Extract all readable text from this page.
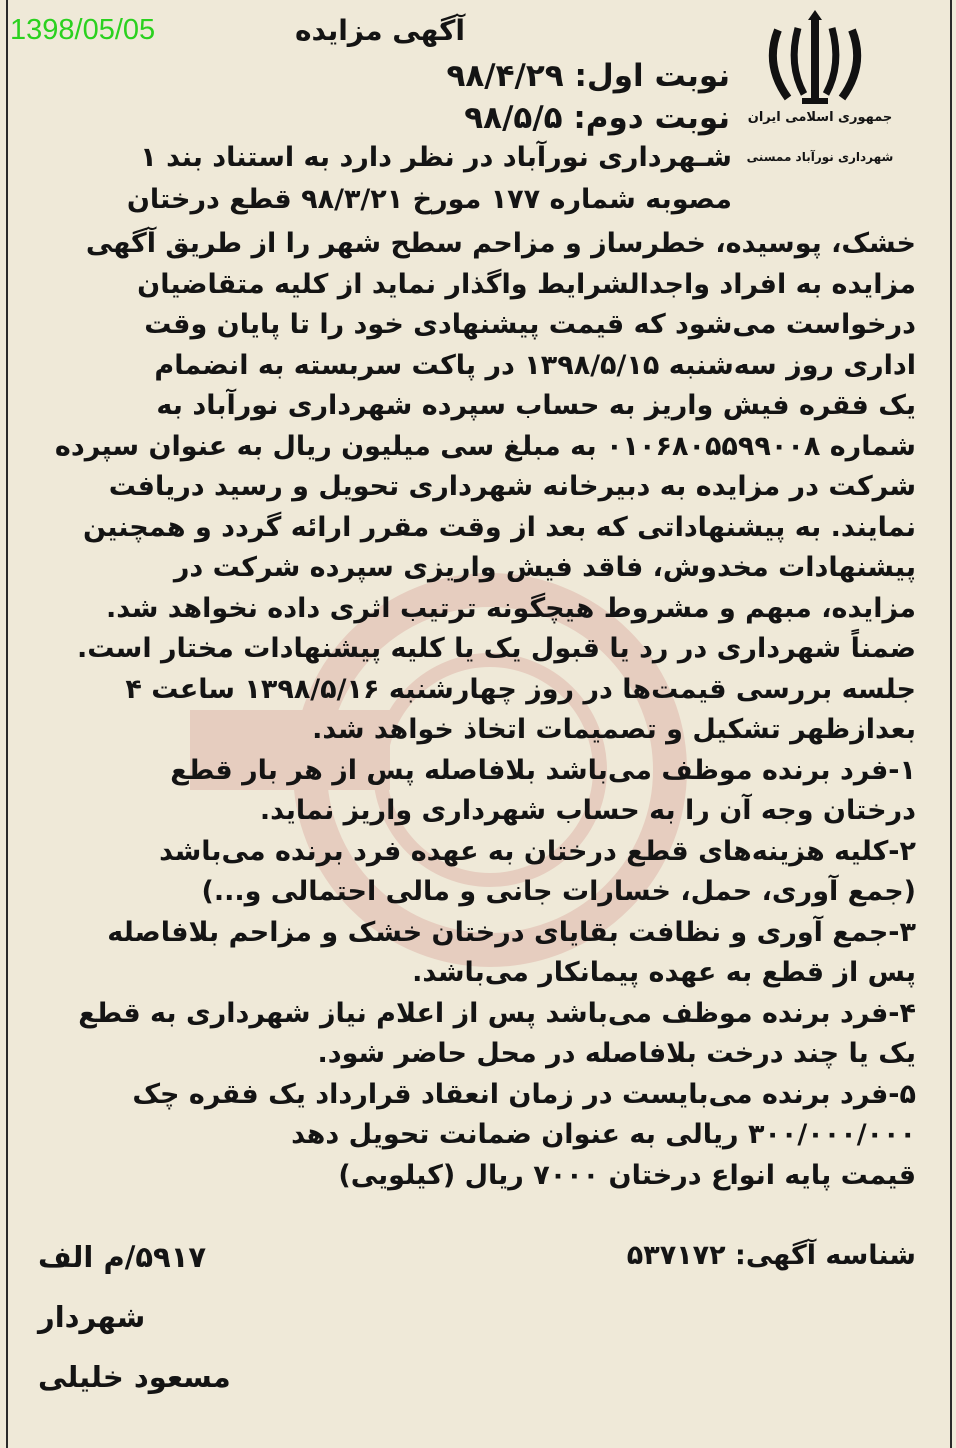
1398/05/05
جمهوری اسلامی ایران
شهرداری نورآباد ممسنی
آگهی مزایده
نوبت اول: ۹۸/۴/۲۹
نوبت دوم: ۹۸/۵/۵
شـهرداری نورآباد در نظر دارد به استناد بند ۱
مصوبه شماره ۱۷۷ مورخ ۹۸/۳/۲۱ قطع درختان
خشک، پوسیده، خطرساز و مزاحم سطح شهر را از طریق آگهی
مزایده به افراد واجدالشرایط واگذار نماید از کلیه متقاضیان
درخواست می‌شود که قیمت پیشنهادی خود را تا پایان وقت
اداری روز سه‌شنبه ۱۳۹۸/۵/۱۵ در پاکت سربسته به انضمام
یک فقره فیش واریز به حساب سپرده شهرداری نورآباد به
شماره ۰۱۰۶۸۰۵۵۹۹۰۰۸ به مبلغ سی میلیون ریال به عنوان سپرده
شرکت در مزایده به دبیرخانه شهرداری تحویل و رسید دریافت
نمایند. به پیشنهاداتی که بعد از وقت مقرر ارائه گردد و همچنین
پیشنهادات مخدوش، فاقد فیش واریزی سپرده شرکت در
مزایده، مبهم و مشروط هیچگونه ترتیب اثری داده نخواهد شد.
ضمناً شهرداری در رد یا قبول یک یا کلیه پیشنهادات مختار است.
جلسه بررسی قیمت‌ها در روز چهارشنبه ۱۳۹۸/۵/۱۶ ساعت ۴
بعدازظهر تشکیل و تصمیمات اتخاذ خواهد شد.
۱-فرد برنده موظف می‌باشد بلافاصله پس از هر بار قطع
درختان وجه آن را به حساب شهرداری واریز نماید.
۲-کلیه هزینه‌های قطع درختان به عهده فرد برنده می‌باشد
(جمع آوری، حمل، خسارات جانی و مالی احتمالی و...)
۳-جمع آوری و نظافت بقایای درختان خشک و مزاحم بلافاصله
پس از قطع به عهده پیمانکار می‌باشد.
۴-فرد برنده موظف می‌باشد پس از اعلام نیاز شهرداری به قطع
یک یا چند درخت بلافاصله در محل حاضر شود.
۵-فرد برنده می‌بایست در زمان انعقاد قرارداد یک فقره چک
۳۰۰/۰۰۰/۰۰۰ ریالی به عنوان ضمانت تحویل دهد
قیمت پایه انواع درختان ۷۰۰۰ ریال (کیلویی)
شناسه آگهی: ۵۳۷۱۷۲
۵۹۱۷/م الف
شهردار
مسعود خلیلی
